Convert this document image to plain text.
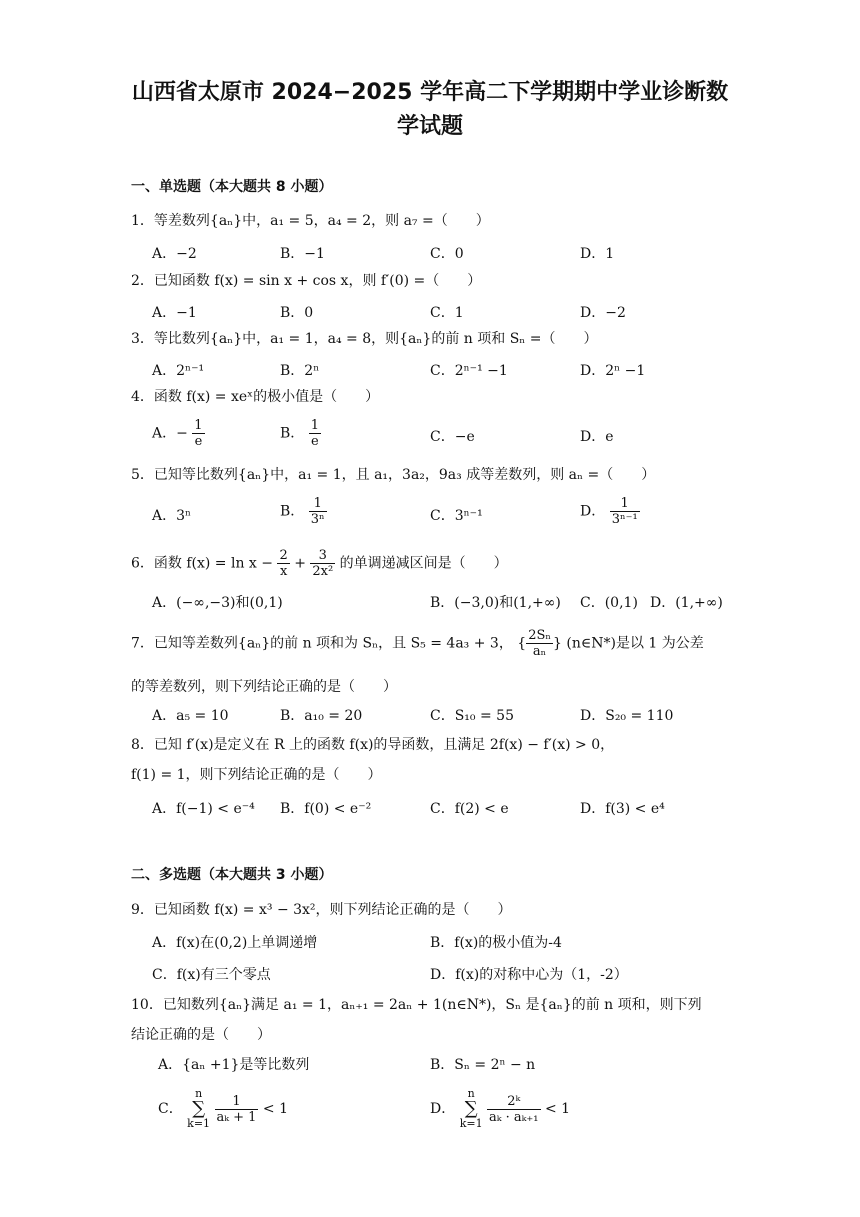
山西省太原市 2024−2025 学年高二下学期期中学业诊断数
学试题
一、单选题（本大题共 8 小题）
1．等差数列{aₙ}中，a₁ = 5，a₄ = 2，则 a₇ =（　　）
A．−2	B．−1	C．0	D．1
2．已知函数 f(x) = sin x + cos x，则 f′(0) =（　　）
A．−1	B．0	C．1	D．−2
3．等比数列{aₙ}中，a₁ = 1，a₄ = 8，则{aₙ}的前 n 项和 Sₙ =（　　）
A．2ⁿ⁻¹	B．2ⁿ	C．2ⁿ⁻¹ −1	D．2ⁿ −1
4．函数 f(x) = xeˣ的极小值是（　　）
A．− $\frac{1}{e}$	B． $\frac{1}{e}$	C．−e	D．e
5．已知等比数列{aₙ}中，a₁ = 1，且 a₁，3a₂，9a₃ 成等差数列，则 aₙ =（　　）
A．3ⁿ	B． $\frac{1}{\text{3ⁿ}}$	C．3ⁿ⁻¹	D． $\frac{1}{\text{3ⁿ⁻¹}}$
6．函数 $f(x) = \ln x - \frac{2}{x} + \frac{3}{\text{2x²}}$ 的单调递减区间是（　　）
A．(−∞,−3)和(0,1)	B．(−3,0)和(1,+∞) C．(0,1) D．(1,+∞)
7．已知等差数列{aₙ}的前 n 项和为 Sₙ，且 S₅ = 4a₃ + 3， { $\frac{\text{2Sₙ}}{\text{aₙ}}$ } (n∈N*)是以 1 为公差
的等差数列，则下列结论正确的是（　　）
A．a₅ = 10	B．a₁₀ = 20	C．S₁₀ = 55	D．S₂₀ = 110
8．已知 f′(x)是定义在 R 上的函数 f(x)的导函数，且满足 2f(x) − f′(x) > 0，
f(1) = 1，则下列结论正确的是（　　）
A．f(−1) < e⁻⁴ B．f(0) < e⁻²	C．f(2) < e	D．f(3) < e⁴
二、多选题（本大题共 3 小题）
9．已知函数 f(x) = x³ − 3x²，则下列结论正确的是（　　）
A．f(x)在(0,2)上单调递增	B．f(x)的极小值为-4
C．f(x)有三个零点	D．f(x)的对称中心为（1，-2）
10．已知数列{aₙ}满足 a₁ = 1，aₙ₊₁ = 2aₙ + 1(n∈N*)，Sₙ 是{aₙ}的前 n 项和，则下列
结论正确的是（　　）
A．{aₙ +1}是等比数列	B．Sₙ = 2ⁿ − n
C．
n
∑
k=1
$\frac{1}{\text{aₖ + 1}} < 1$	D．
n
∑
k=1
$\frac{\text{2ᵏ}}{\text{aₖ · aₖ₊₁}} < 1$
